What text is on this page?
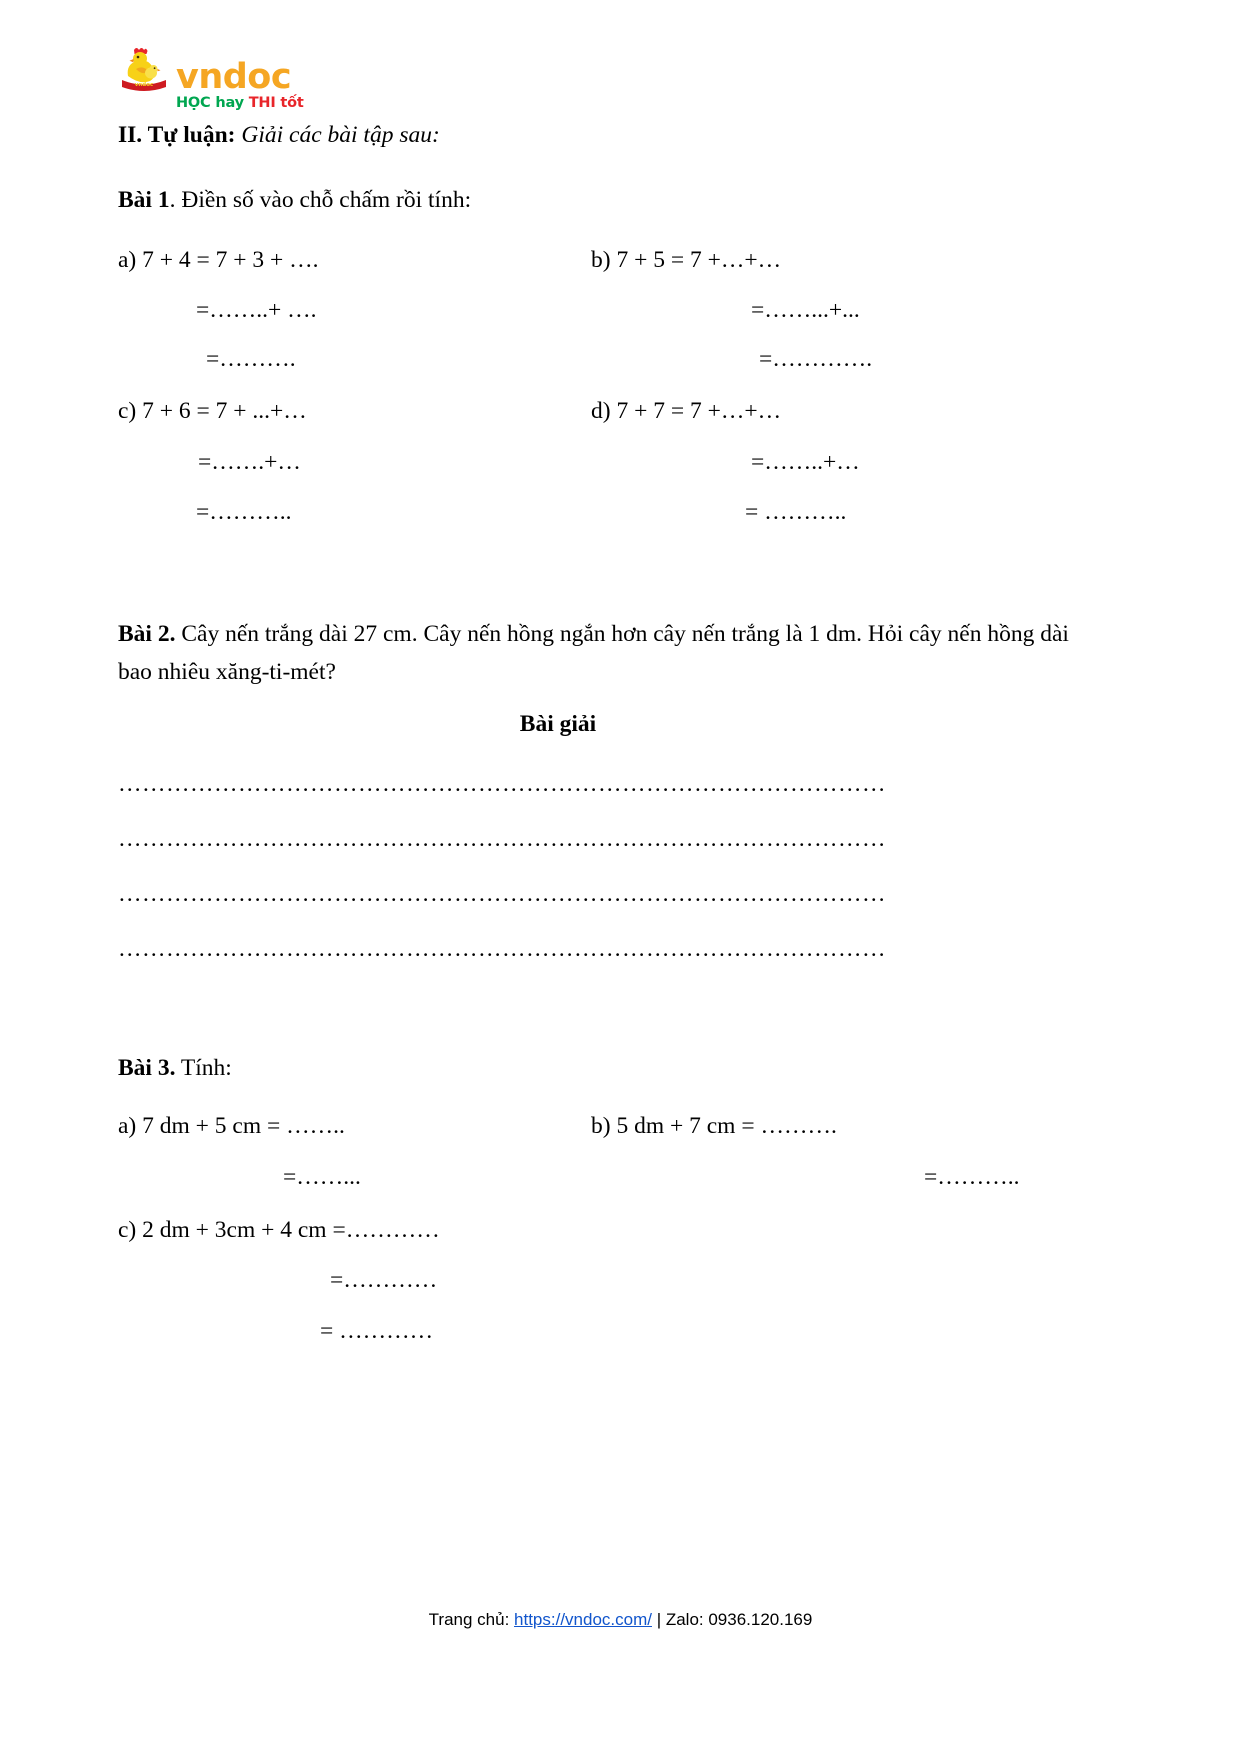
vndoc vndoc
HỌC hay THI tốt
II. Tự luận: Giải các bài tập sau:
Bài 1. Điền số vào chỗ chấm rồi tính:
a) 7 + 4 = 7 + 3 + ….	b) 7 + 5 = 7 +…+…
=……..+ ….	=……...+...
=……….	=………….
c) 7 + 6 = 7 + ...+…	d) 7 + 7 = 7 +…+…
=…….+…	=……..+…
=………..	= ………..
Bài 2. Cây nến trắng dài 27 cm. Cây nến hồng ngắn hơn cây nến trắng là 1 dm. Hỏi cây nến hồng dài bao nhiêu xăng-ti-mét?
Bài giải
……………………………………………………………………………………
……………………………………………………………………………………
……………………………………………………………………………………
……………………………………………………………………………………
Bài 3. Tính:
a) 7 dm + 5 cm = ……..	b) 5 dm + 7 cm = ……….
=……...	=………..
c) 2 dm + 3cm + 4 cm =…………
=…………
= …………
Trang chủ: https://vndoc.com/ | Zalo: 0936.120.169
